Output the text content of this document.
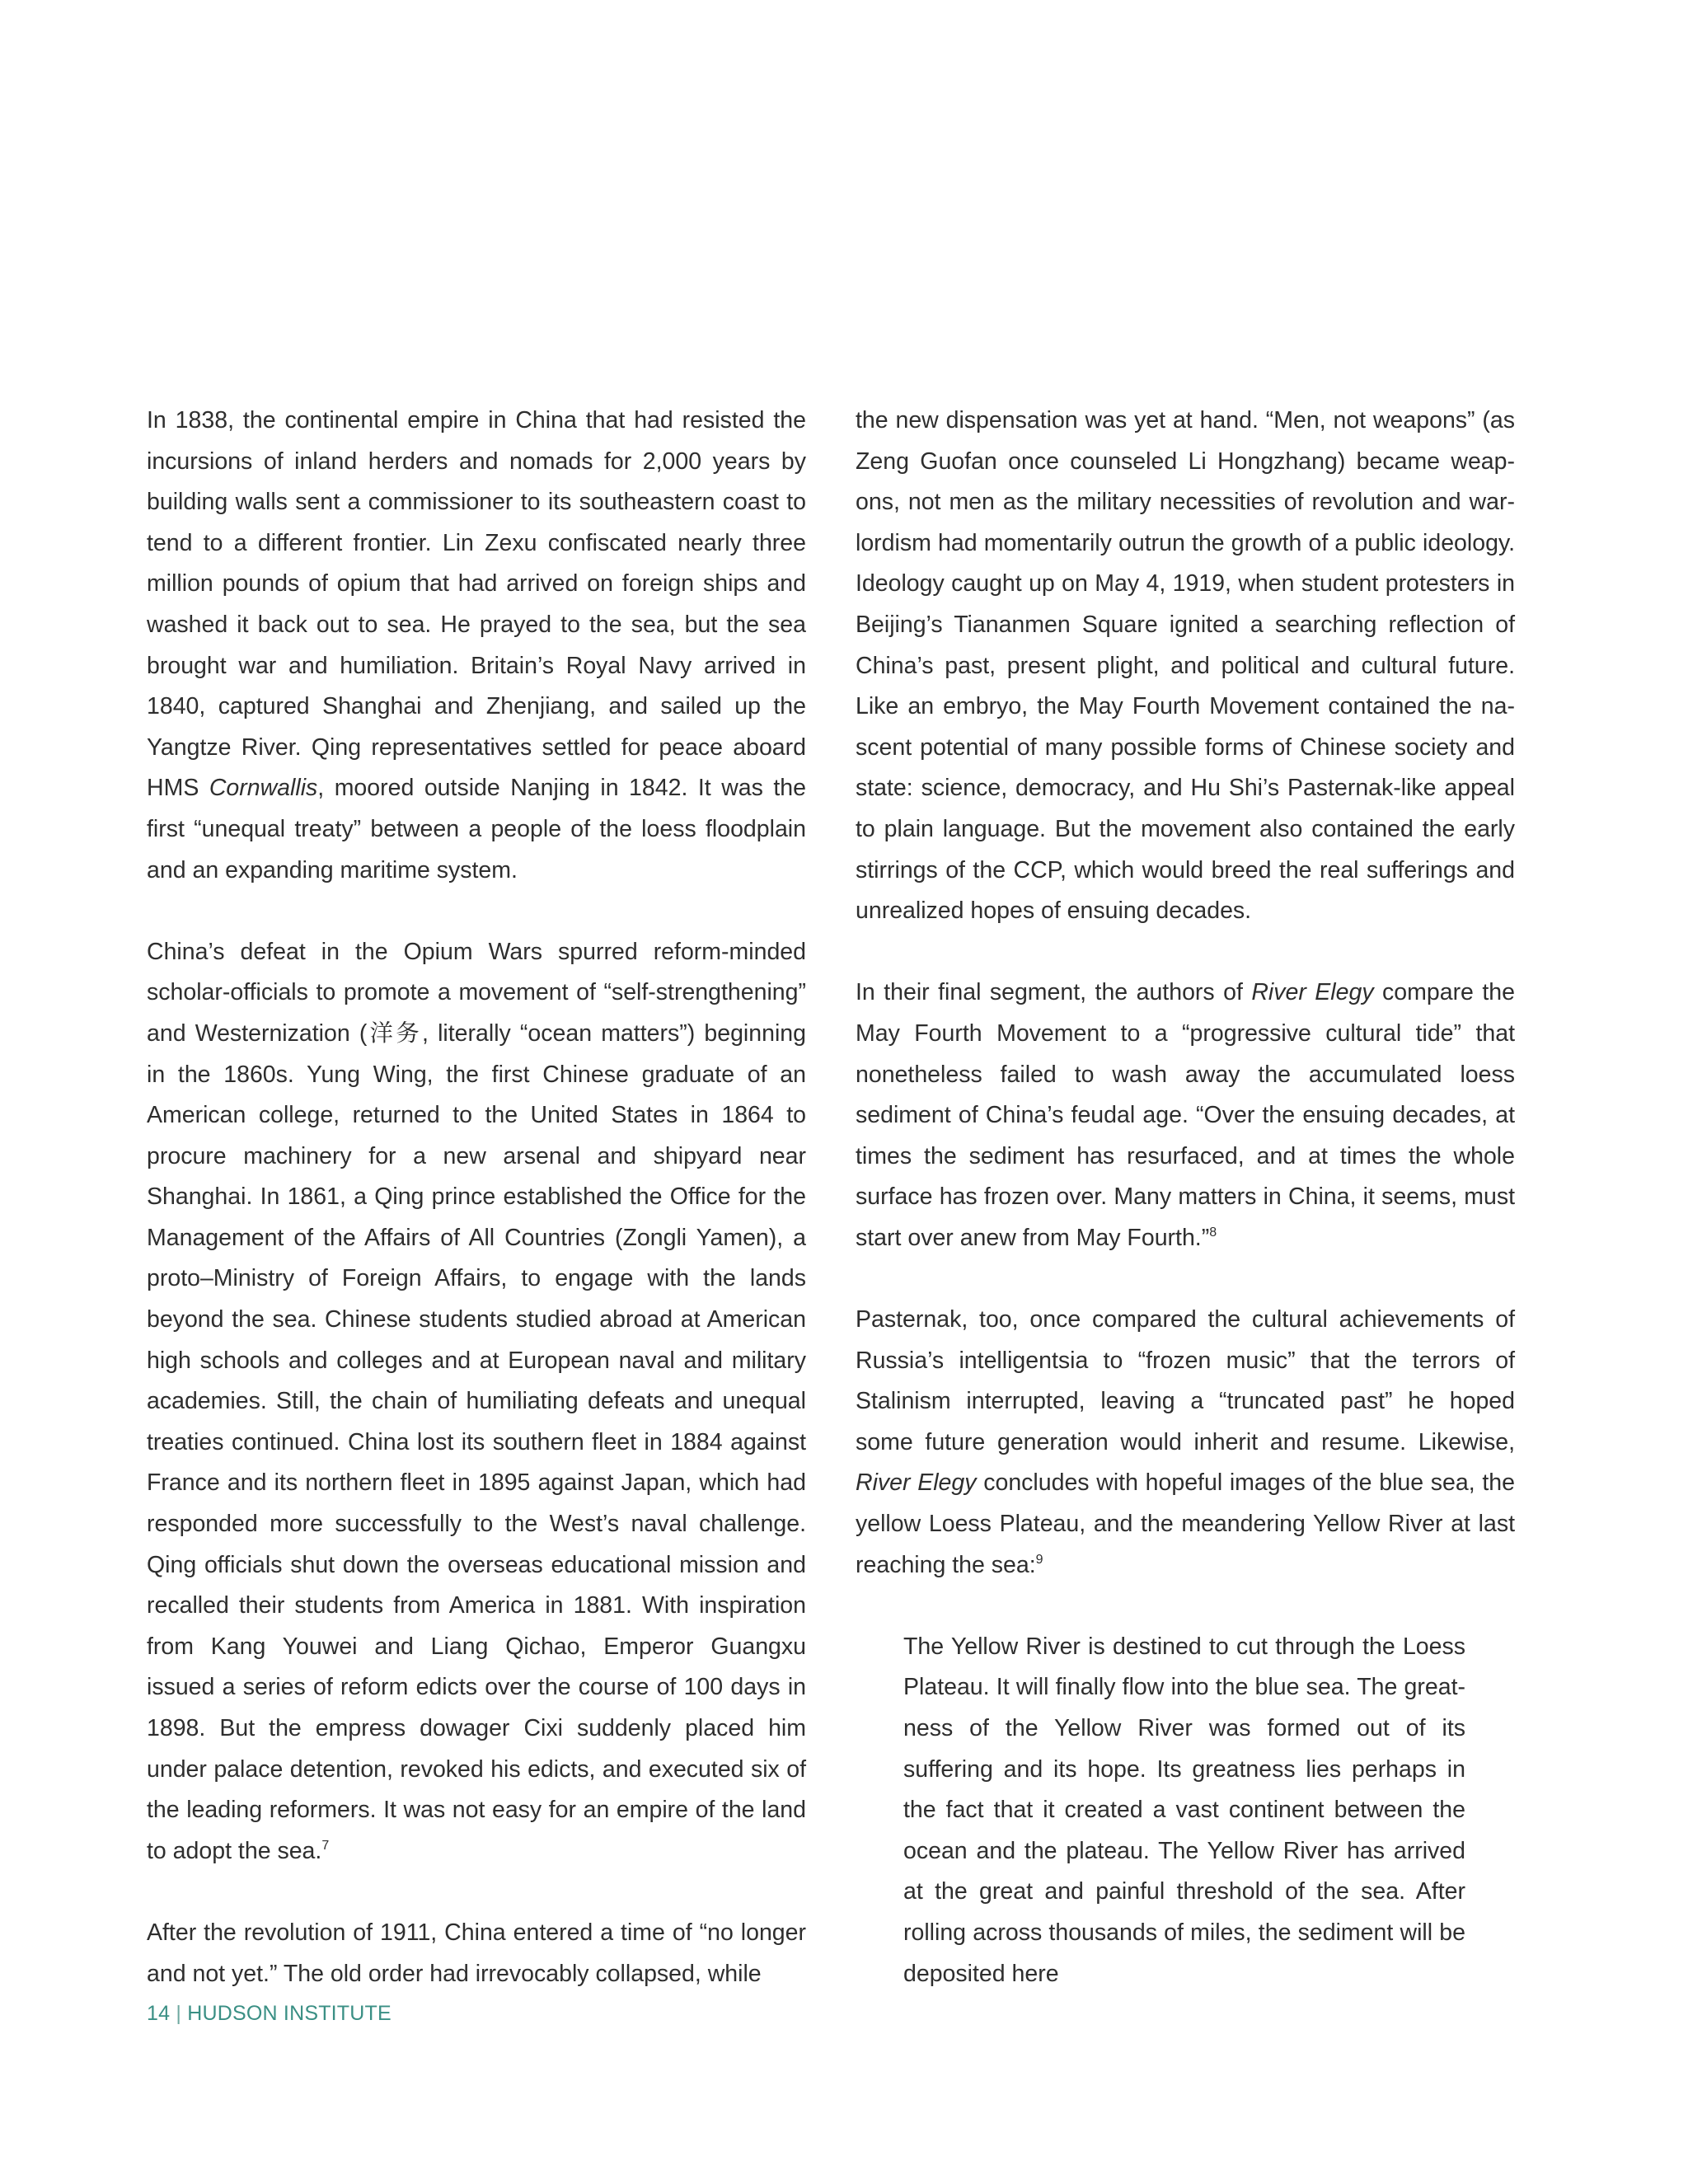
In 1838, the continental empire in China that had resisted the incursions of inland herders and nomads for 2,000 years by building walls sent a commissioner to its southeastern coast to tend to a different frontier. Lin Zexu confiscated nearly three million pounds of opium that had arrived on foreign ships and washed it back out to sea. He prayed to the sea, but the sea brought war and humiliation. Britain’s Royal Navy arrived in 1840, captured Shanghai and Zhenjiang, and sailed up the Yangtze River. Qing representatives settled for peace aboard HMS Cornwallis, moored outside Nanjing in 1842. It was the first “unequal treaty” between a people of the loess floodplain and an expanding maritime system.

China’s defeat in the Opium Wars spurred reform-minded scholar-officials to promote a movement of “self-strengthening” and Westernization (洋务, literally “ocean matters”) beginning in the 1860s. Yung Wing, the first Chinese graduate of an American college, returned to the United States in 1864 to procure machinery for a new arsenal and shipyard near Shanghai. In 1861, a Qing prince established the Office for the Management of the Affairs of All Countries (Zongli Yamen), a proto–Ministry of Foreign Affairs, to engage with the lands beyond the sea. Chinese students studied abroad at American high schools and colleges and at European naval and military academies. Still, the chain of humiliating defeats and unequal treaties continued. China lost its southern fleet in 1884 against France and its northern fleet in 1895 against Japan, which had responded more successfully to the West’s naval challenge. Qing officials shut down the overseas educational mission and recalled their students from America in 1881. With inspiration from Kang Youwei and Liang Qichao, Emperor Guangxu issued a series of reform edicts over the course of 100 days in 1898. But the empress dowager Cixi suddenly placed him under palace detention, revoked his edicts, and executed six of the leading reformers. It was not easy for an empire of the land to adopt the sea.$^7$

After the revolution of 1911, China entered a time of “no longer and not yet.” The old order had irrevocably collapsed, while

the new dispensation was yet at hand. “Men, not weapons” (as Zeng Guofan once counseled Li Hongzhang) became weapons, not men as the military necessities of revolution and warlordism had momentarily outrun the growth of a public ideology. Ideology caught up on May 4, 1919, when student protesters in Beijing’s Tiananmen Square ignited a searching reflection of China’s past, present plight, and political and cultural future. Like an embryo, the May Fourth Movement contained the nascent potential of many possible forms of Chinese society and state: science, democracy, and Hu Shi’s Pasternak-like appeal to plain language. But the movement also contained the early stirrings of the CCP, which would breed the real sufferings and unrealized hopes of ensuing decades.

In their final segment, the authors of River Elegy compare the May Fourth Movement to a “progressive cultural tide” that nonetheless failed to wash away the accumulated loess sediment of China’s feudal age. “Over the ensuing decades, at times the sediment has resurfaced, and at times the whole surface has frozen over. Many matters in China, it seems, must start over anew from May Fourth.”$^8$

Pasternak, too, once compared the cultural achievements of Russia’s intelligentsia to “frozen music” that the terrors of Stalinism interrupted, leaving a “truncated past” he hoped some future generation would inherit and resume. Likewise, River Elegy concludes with hopeful images of the blue sea, the yellow Loess Plateau, and the meandering Yellow River at last reaching the sea:$^9$

The Yellow River is destined to cut through the Loess Plateau. It will finally flow into the blue sea. The greatness of the Yellow River was formed out of its suffering and its hope. Its greatness lies perhaps in the fact that it created a vast continent between the ocean and the plateau. The Yellow River has arrived at the great and painful threshold of the sea. After rolling across thousands of miles, the sediment will be deposited here

14 | HUDSON INSTITUTE
